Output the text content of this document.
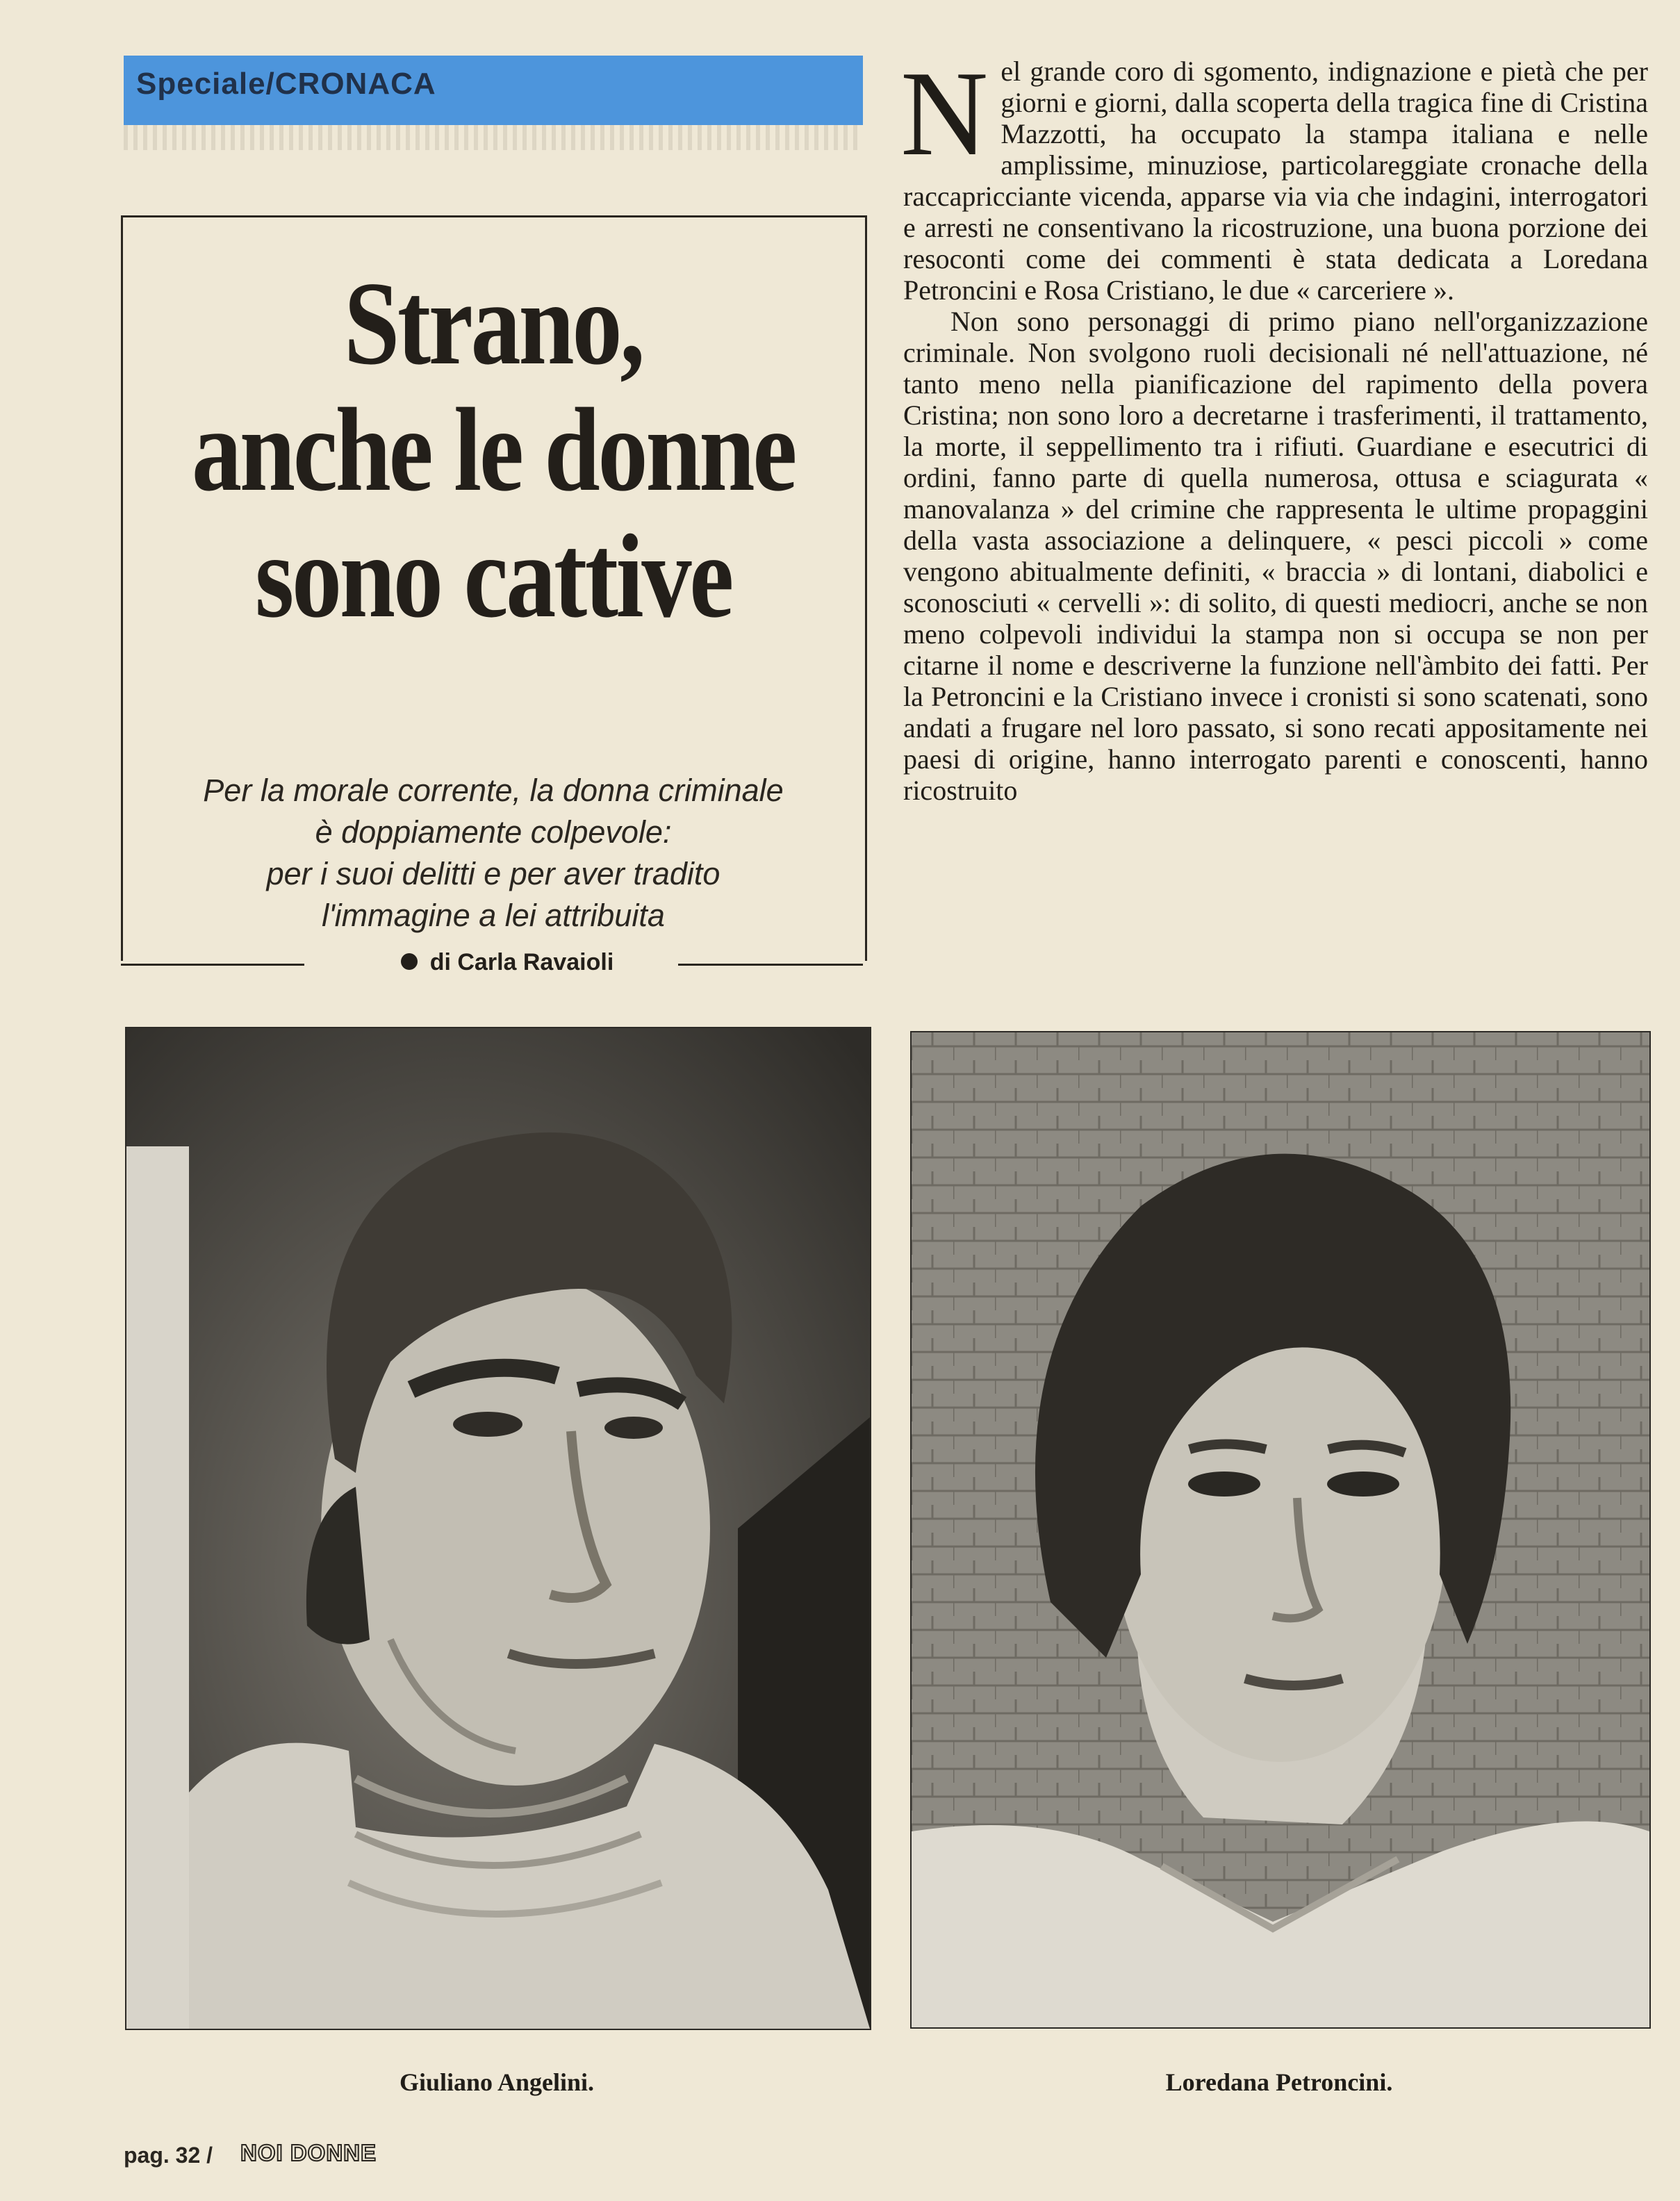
Speciale/CRONACA
Strano,
anche le donne
sono cattive
Per la morale corrente, la donna criminale
è doppiamente colpevole:
per i suoi delitti e per aver tradito
l'immagine a lei attribuita
di Carla Ravaioli

Nel grande coro di sgomento, indignazione e pietà che per giorni e giorni, dalla scoperta della tragica fine di Cristina Mazzotti, ha occupato la stampa italiana e nelle amplissime, minuziose, particolareggiate cronache della raccapricciante vicenda, apparse via via che indagini, interrogatori e arresti ne consentivano la ricostruzione, una buona porzione dei resoconti come dei commenti è stata dedicata a Loredana Petroncini e Rosa Cristiano, le due « carceriere ».

Non sono personaggi di primo piano nell'organizzazione criminale. Non svolgono ruoli decisionali né nell'attuazione, né tanto meno nella pianificazione del rapimento della povera Cristina; non sono loro a decretarne i trasferimenti, il trattamento, la morte, il seppellimento tra i rifiuti. Guardiane e esecutrici di ordini, fanno parte di quella numerosa, ottusa e sciagurata « manovalanza » del crimine che rappresenta le ultime propaggini della vasta associazione a delinquere, « pesci piccoli » come vengono abitualmente definiti, « braccia » di lontani, diabolici e sconosciuti « cervelli »: di solito, di questi mediocri, anche se non meno colpevoli individui la stampa non si occupa se non per citarne il nome e descriverne la funzione nell'àmbito dei fatti. Per la Petroncini e la Cristiano invece i cronisti si sono scatenati, sono andati a frugare nel loro passato, si sono recati appositamente nei paesi di origine, hanno interrogato parenti e conoscenti, hanno ricostruito

Giuliano Angelini.	Loredana Petroncini.
pag. 32 / NOI DONNE
